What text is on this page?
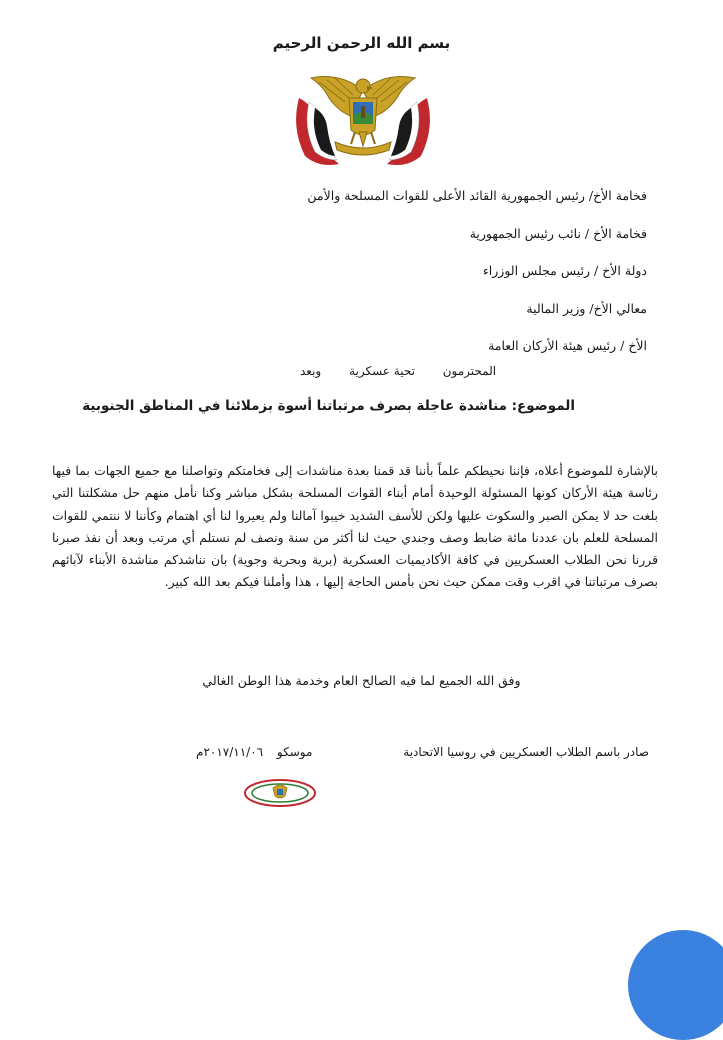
بسم الله الرحمن الرحيم
فخامة الأخ/ رئيس الجمهورية القائد الأعلى للقوات المسلحة والأمن
فخامة الأخ / نائب رئيس الجمهورية
دولة الأخ / رئيس مجلس الوزراء
معالي الأخ/ وزير المالية
الأخ / رئيس هيئة الأركان العامة
المحترمون تحية عسكرية وبعد
الموضوع: مناشدة عاجلة بصرف مرتباتنا أسوة بزملائنا في المناطق الجنوبية
بالإشارة للموضوع أعلاه، فإننا نحيطكم علماً بأننا قد قمنا بعدة مناشدات إلى فخامتكم وتواصلنا مع جميع الجهات بما فيها رئاسة هيئة الأركان كونها المسئولة الوحيدة أمام أبناء القوات المسلحة بشكل مباشر وكنا نأمل منهم حل مشكلتنا التي بلغت حد لا يمكن الصبر والسكوت عليها ولكن للأسف الشديد خيبوا آمالنا ولم يعيروا لنا أي اهتمام وكأننا لا ننتمي للقوات المسلحة للعلم بان عددنا مائة ضابط وصف وجندي حيث لنا أكثر من سنة ونصف لم نستلم أي مرتب وبعد أن نفذ صبرنا قررنا نحن الطلاب العسكريين في كافة الأكاديميات العسكرية (برية وبحرية وجوية) بان نناشدكم مناشدة الأبناء لآبائهم بصرف مرتباتنا في اقرب وقت ممكن حيث نحن بأمس الحاجة إليها ، هذا وأملنا فيكم بعد الله كبير.
وفق الله الجميع لما فيه الصالح العام وخدمة هذا الوطن الغالي
صادر باسم الطلاب العسكريين في روسيا الاتحادية
موسكو ٢٠١٧/١١/٠٦م
